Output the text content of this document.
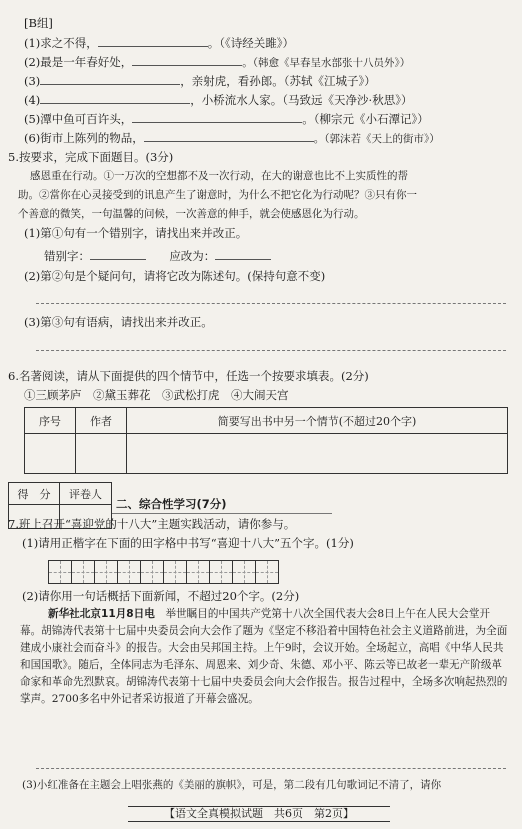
[B组]
(1)求之不得，	。（《诗经关雎》）
(2)最是一年春好处，	。（韩愈《早春呈水部张十八员外》）
(3)	，亲射虎，看孙郎。（苏轼《江城子》）
(4)	，小桥流水人家。（马致远《天净沙·秋思》）
(5)潭中鱼可百许头，	。（柳宗元《小石潭记》）
(6)街市上陈列的物品，	。（郭沫若《天上的街市》）
5.按要求，完成下面题目。(3分)
感恩重在行动。①一万次的空想都不及一次行动，在大的谢意也比不上实质性的帮
助。②當你在心灵接受到的讯息产生了谢意时，为什么不把它化为行动呢？③只有你一
个善意的微笑，一句温馨的问候，一次善意的伸手，就会使感恩化为行动。
(1)第①句有一个错别字，请找出来并改正。
错别字：	应改为：
(2)第②句是个疑问句，请将它改为陈述句。(保持句意不变)
(3)第③句有语病，请找出来并改正。
6.名著阅读，请从下面提供的四个情节中，任选一个按要求填表。(2分)
①三顾茅庐　②黛玉葬花　③武松打虎　④大闹天宫
序号	作者	简要写出书中另一个情节(不超过20个字)

得　分	评卷人

二、综合性学习(7分)
7.班上召开“喜迎党的十八大”主题实践活动，请你参与。
(1)请用正楷字在下面的田字格中书写“喜迎十八大”五个字。(1分)
(2)请你用一句话概括下面新闻，不超过20个字。(2分)
新华社北京11月8日电　 举世瞩目的中国共产党第十八次全国代表大会8日上午在人民大会堂开幕。胡锦涛代表第十七届中央委员会向大会作了题为《坚定不移沿着中国特色社会主义道路前进，为全面建成小康社会而奋斗》的报告。大会由吴邦国主持。上午9时，会议开始。全场起立，高唱《中华人民共和国国歌》。随后，全体同志为毛泽东、周恩来、刘少奇、朱德、邓小平、陈云等已故老一辈无产阶级革命家和革命先烈默哀。胡锦涛代表第十七届中央委员会向大会作报告。报告过程中，全场多次响起热烈的掌声。2700多名中外记者采访报道了开幕会盛况。
(3)小红准备在主题会上唱张燕的《美丽的旗帜》，可是，第二段有几句歌词记不清了，请你
【语文全真模拟试题　共6页　第2页】
